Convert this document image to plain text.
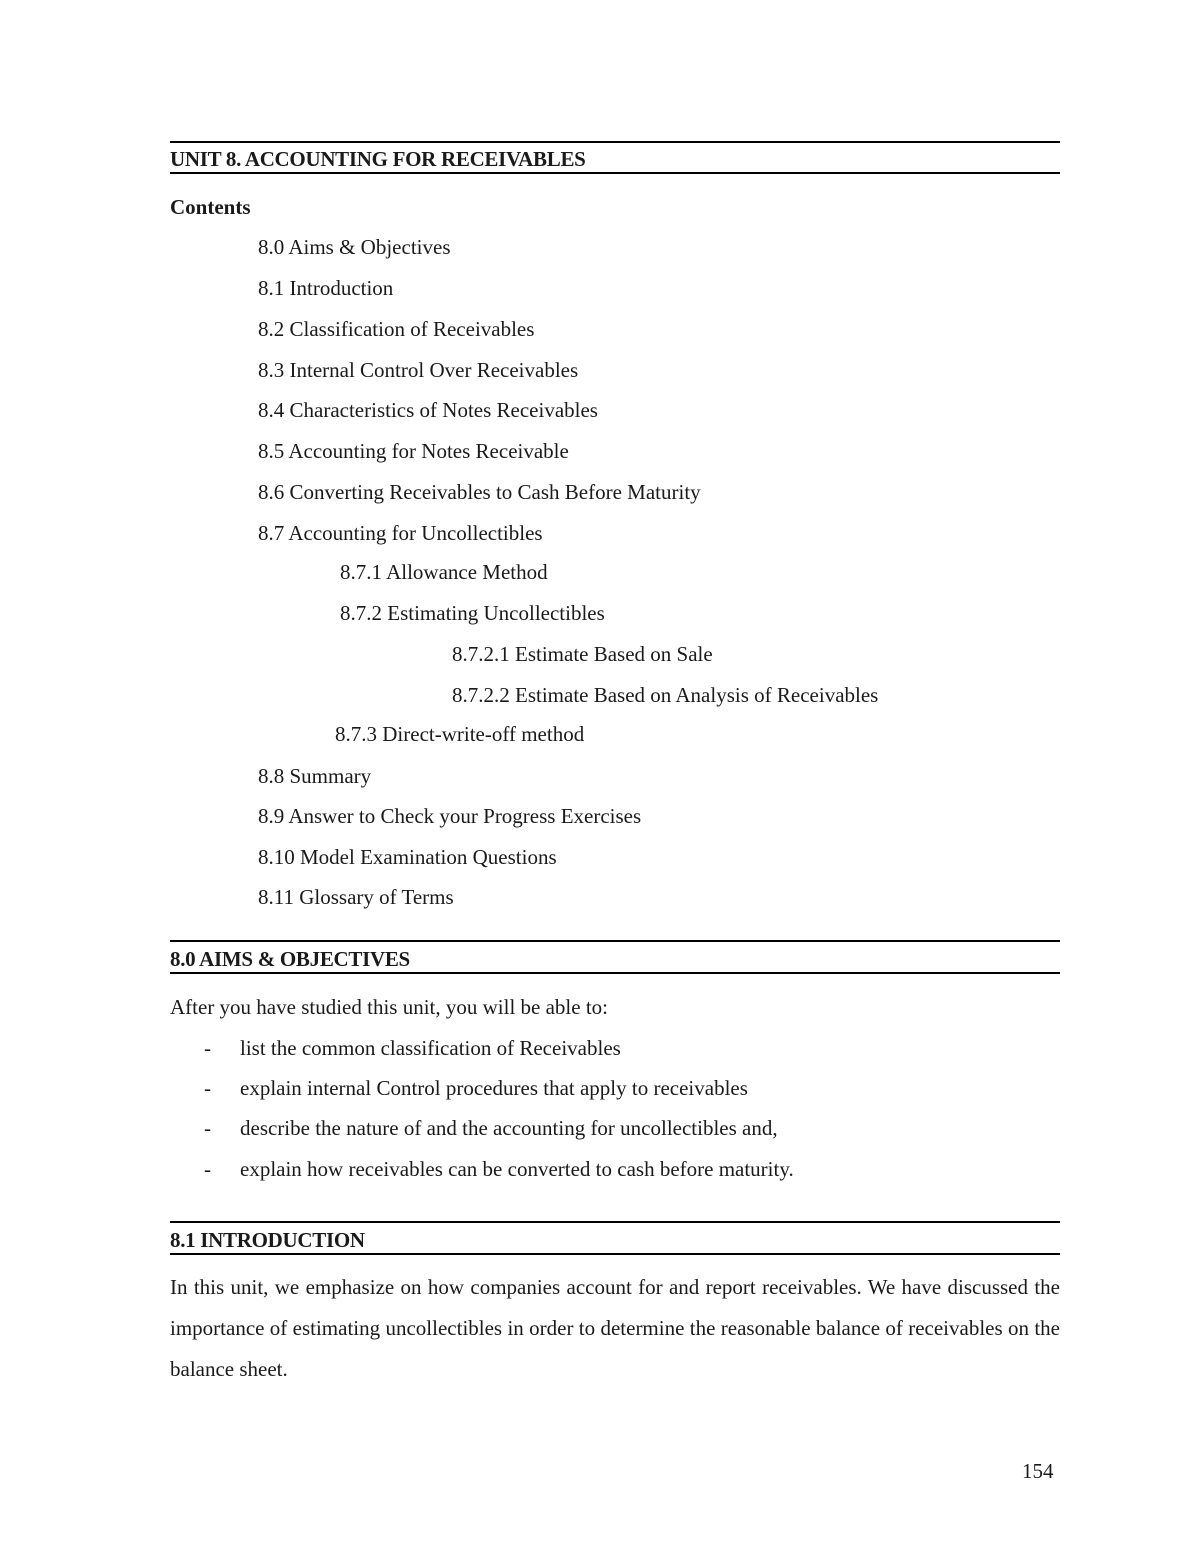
UNIT 8. ACCOUNTING FOR RECEIVABLES
Contents
8.0 Aims & Objectives
8.1 Introduction
8.2 Classification of Receivables
8.3 Internal Control Over Receivables
8.4 Characteristics of Notes Receivables
8.5 Accounting for Notes Receivable
8.6 Converting Receivables to Cash Before Maturity
8.7 Accounting for Uncollectibles
8.7.1 Allowance Method
8.7.2 Estimating Uncollectibles
8.7.2.1 Estimate Based on Sale
8.7.2.2 Estimate Based on Analysis of Receivables
8.7.3 Direct-write-off method
8.8 Summary
8.9 Answer to Check your Progress Exercises
8.10 Model Examination Questions
8.11 Glossary of Terms
8.0 AIMS & OBJECTIVES
After you have studied this unit, you will be able to:
- list the common classification of Receivables
- explain internal Control procedures that apply to receivables
- describe the nature of and the accounting for uncollectibles and,
- explain how receivables can be converted to cash before maturity.
8.1 INTRODUCTION
In this unit, we emphasize on how companies account for and report receivables. We have discussed the importance of estimating uncollectibles in order to determine the reasonable balance of receivables on the balance sheet.
154
